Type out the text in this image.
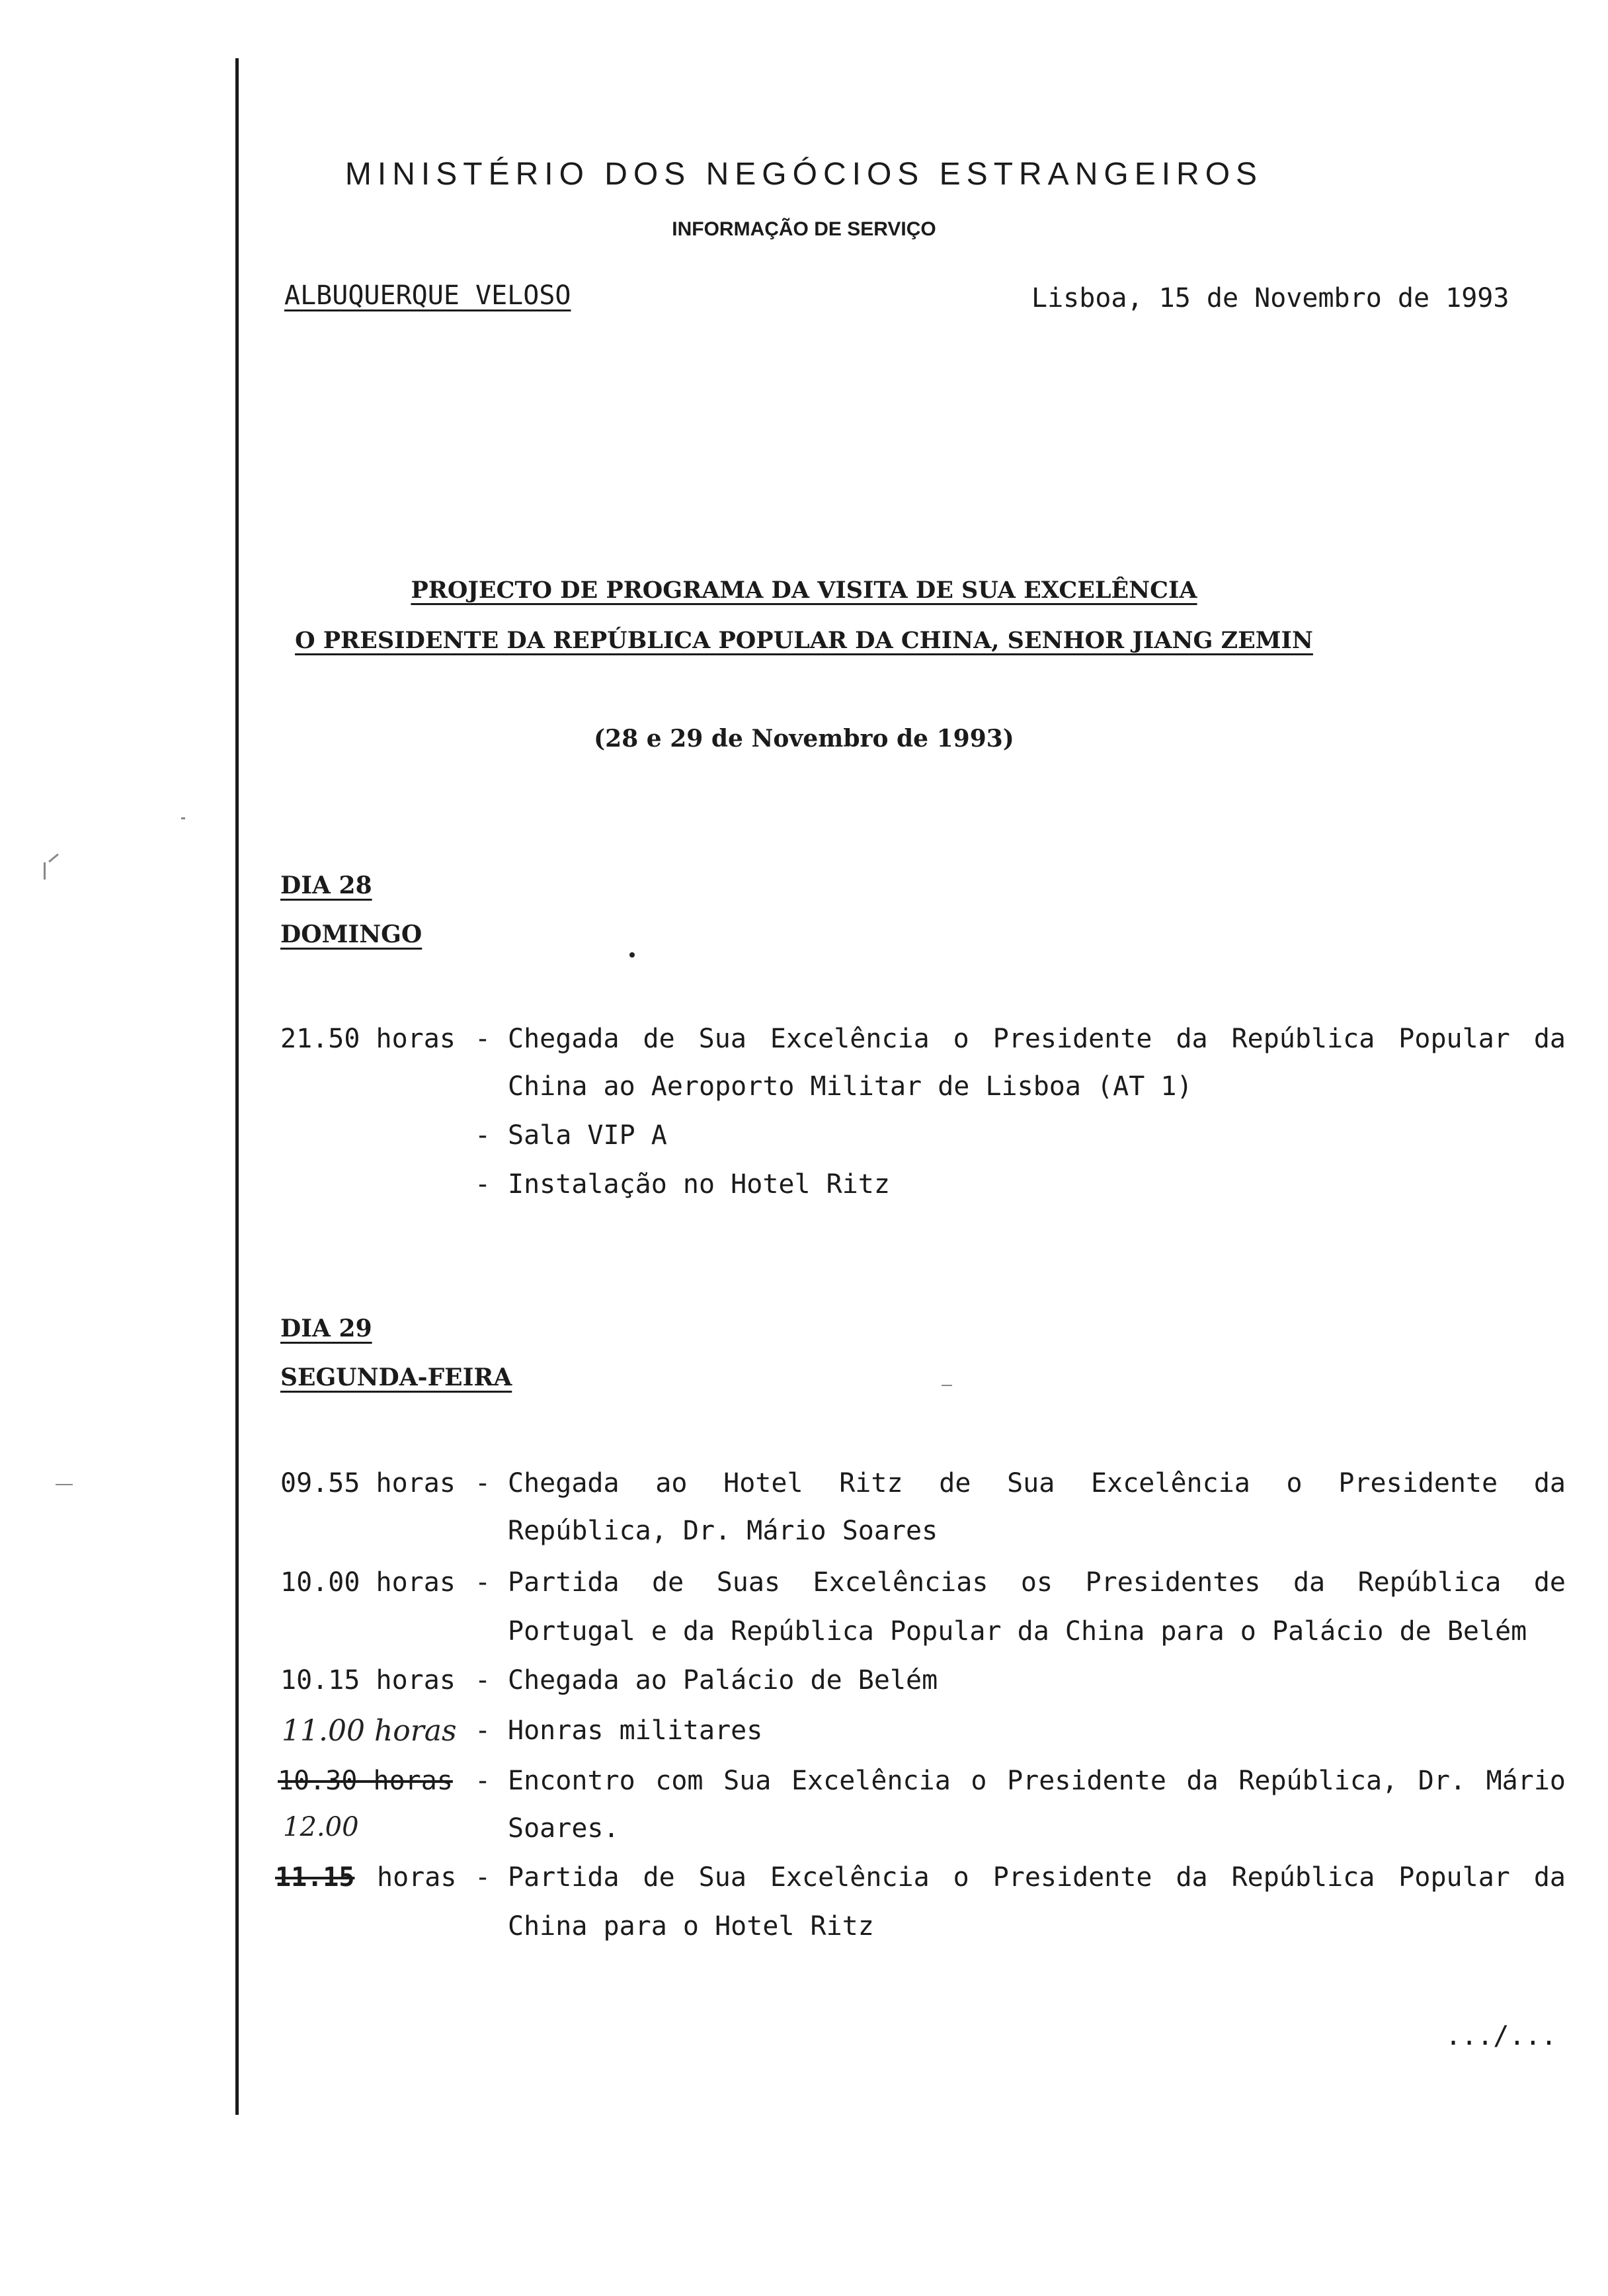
MINISTÉRIO DOS NEGÓCIOS ESTRANGEIROS
INFORMAÇÃO DE SERVIÇO
ALBUQUERQUE VELOSO	Lisboa, 15 de Novembro de 1993
PROJECTO DE PROGRAMA DA VISITA DE SUA EXCELÊNCIA
O PRESIDENTE DA REPÚBLICA POPULAR DA CHINA, SENHOR JIANG ZEMIN
(28 e 29 de Novembro de 1993)
DIA 28
DOMINGO
21.50 horas - Chegada de Sua Excelência o Presidente da República Popular da
China ao Aeroporto Militar de Lisboa (AT 1)
- Sala VIP A
- Instalação no Hotel Ritz
DIA 29
SEGUNDA-FEIRA
09.55 horas - Chegada ao Hotel Ritz de Sua Excelência o Presidente da
República, Dr. Mário Soares
10.00 horas - Partida de Suas Excelências os Presidentes da República de
Portugal e da República Popular da China para o Palácio de Belém
10.15 horas - Chegada ao Palácio de Belém
11.00 horas - Honras militares
10.30 horas - Encontro com Sua Excelência o Presidente da República, Dr. Mário
Soares.
12.00
11.15 horas - Partida de Sua Excelência o Presidente da República Popular da
China para o Hotel Ritz
.../...
